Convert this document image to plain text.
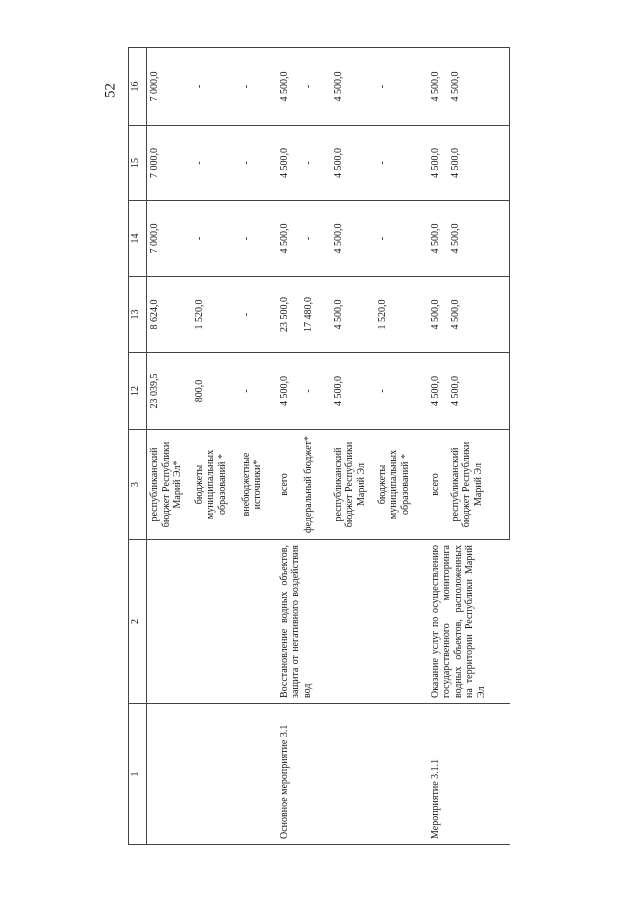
52
1	2	3	12	13	14	15	16
		республиканский бюджет Республики Марий Эл*	23 039,5	8 624,0	7 000,0	7 000,0	7 000,0
		бюджеты муниципальных образований *	800,0	1 520,0	-	-	-
		внебюджетные источники*	-	-	-	-	-
Основное мероприятие 3.1	Восстановление водных объектов, защита от негативного воздействия вод	всего	4 500,0	23 500,0	4 500,0	4 500,0	4 500,0
		федеральный бюджет*	-	17 480,0	-	-	-
		республиканский бюджет Республики Марий Эл	4 500,0	4 500,0	4 500,0	4 500,0	4 500,0
		бюджеты муниципальных образований *	-	1 520,0	-	-	-
Мероприятие 3.1.1	Оказание услуг по осуществлению государственного мониторинга водных объектов, расположенных на территории Республики Марий Эл	всего	4 500,0	4 500,0	4 500,0	4 500,0	4 500,0
		республиканский бюджет Республики Марий Эл	4 500,0	4 500,0	4 500,0	4 500,0	4 500,0
